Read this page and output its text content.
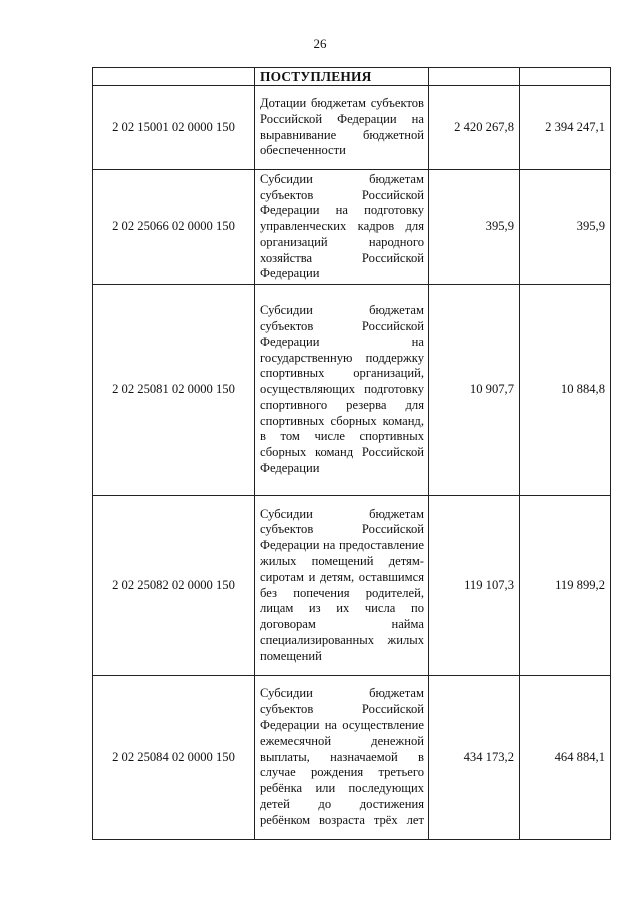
26
	ПОСТУПЛЕНИЯ		
2 02 15001 02 0000 150	Дотации бюджетам субъектов Российской Федерации на выравнивание бюджетной обеспеченности	2 420 267,8	2 394 247,1
2 02 25066 02 0000 150	Субсидии бюджетам субъектов Российской Федерации на подготовку управленческих кадров для организаций народного хозяйства Российской Федерации	395,9	395,9
2 02 25081 02 0000 150	Субсидии бюджетам субъектов Российской Федерации на государственную поддержку спортивных организаций, осуществляющих подготовку спортивного резерва для спортивных сборных команд, в том числе спортивных сборных команд Российской Федерации	10 907,7	10 884,8
2 02 25082 02 0000 150	Субсидии бюджетам субъектов Российской Федерации на предоставление жилых помещений детям-сиротам и детям, оставшимся без попечения родителей, лицам из их числа по договорам найма специализированных жилых помещений	119 107,3	119 899,2
2 02 25084 02 0000 150	Субсидии бюджетам субъектов Российской Федерации на осуществление ежемесячной денежной выплаты, назначаемой в случае рождения третьего ребёнка или последующих детей до достижения ребёнком возраста трёх лет	434 173,2	464 884,1
